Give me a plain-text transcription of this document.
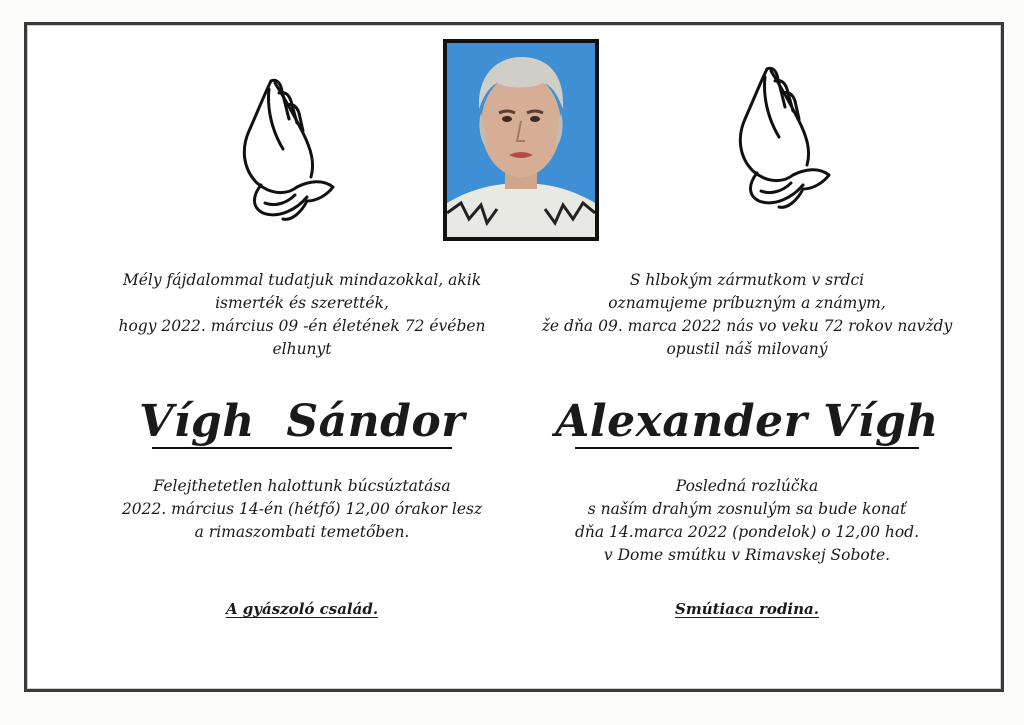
Mély fájdalommal tudatjuk mindazokkal, akik
ismerték és szerették,
hogy 2022. március 09 -én életének 72 évében
elhunyt
Vígh  Sándor
Felejthetetlen halottunk búcsúztatása
2022. március 14-én (hétfő) 12,00 órakor lesz
a rimaszombati temetőben.
A gyászoló család.
S hlbokým zármutkom v srdci
oznamujeme príbuzným a známym,
že dňa 09. marca 2022 nás vo veku 72 rokov navždy
opustil náš milovaný
Alexander Vígh
Posledná rozlúčka
s naším drahým zosnulým sa bude konať
dňa 14.marca 2022 (pondelok) o 12,00 hod.
v Dome smútku v Rimavskej Sobote.
Smútiaca rodina.
